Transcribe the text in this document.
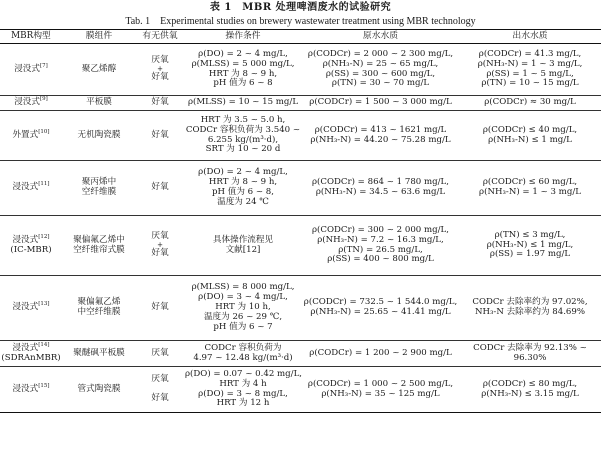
表 1　MBR 处理啤酒废水的试验研究
Tab. 1　Experimental studies on brewery wastewater treatment using MBR technology
MBR构型	膜组件	有无供氧	操作条件	原水水质	出水水质

浸没式[7]	聚乙烯醇	厌氧
+
好氧	ρ(DO) = 2 ~ 4 mg/L,
ρ(MLSS) = 5 000 mg/L,
HRT 为 8 ~ 9 h,
pH 值为 6 ~ 8	ρ(CODCr) = 2 000 ~ 2 300 mg/L,
ρ(NH₃-N) = 25 ~ 65 mg/L,
ρ(SS) = 300 ~ 600 mg/L,
ρ(TN) = 30 ~ 70 mg/L	ρ(CODCr) = 41.3 mg/L,
ρ(NH₃-N) = 1 ~ 3 mg/L,
ρ(SS) = 1 ~ 5 mg/L,
ρ(TN) = 10 ~ 15 mg/L

浸没式[9]	平板膜	好氧	ρ(MLSS) = 10 ~ 15 mg/L	ρ(CODCr) = 1 500 ~ 3 000 mg/L	ρ(CODCr) ≈ 30 mg/L

外置式[10]	无机陶瓷膜	好氧	HRT 为 3.5 ~ 5.0 h,
CODCr 容积负荷为 3.540 ~
6.255 kg/(m³·d),
SRT 为 10 ~ 20 d	ρ(CODCr) = 413 ~ 1621 mg/L
ρ(NH₃-N) = 44.20 ~ 75.28 mg/L	ρ(CODCr) ≤ 40 mg/L,
ρ(NH₃-N) ≤ 1 mg/L

浸没式[11]	聚丙烯中
空纤维膜	好氧	ρ(DO) = 2 ~ 4 mg/L,
HRT 为 8 ~ 9 h,
pH 值为 6 ~ 8,
温度为 24 ℃	ρ(CODCr) = 864 ~ 1 780 mg/L,
ρ(NH₃-N) = 34.5 ~ 63.6 mg/L	ρ(CODCr) ≤ 60 mg/L,
ρ(NH₃-N) = 1 ~ 3 mg/L

浸没式[12]
(IC-MBR)	聚偏氟乙烯中
空纤维帘式膜	厌氧
+
好氧	具体操作流程见
文献[12]	ρ(CODCr) = 300 ~ 2 000 mg/L,
ρ(NH₃-N) = 7.2 ~ 16.3 mg/L,
ρ(TN) = 26.5 mg/L,
ρ(SS) = 400 ~ 800 mg/L	ρ(TN) ≤ 3 mg/L,
ρ(NH₃-N) ≤ 1 mg/L,
ρ(SS) = 1.97 mg/L

浸没式[13]	聚偏氟乙烯
中空纤维膜	好氧	ρ(MLSS) = 8 000 mg/L,
ρ(DO) = 3 ~ 4 mg/L,
HRT 为 10 h,
温度为 26 ~ 29 ℃,
pH 值为 6 ~ 7	ρ(CODCr) = 732.5 ~ 1 544.0 mg/L,
ρ(NH₃-N) = 25.65 ~ 41.41 mg/L	CODCr 去除率约为 97.02%,
NH₃-N 去除率约为 84.69%

浸没式[14]
(SDRAnMBR)	聚醚砜平板膜	厌氧	CODCr 容积负荷为
4.97 ~ 12.48 kg/(m³·d)	ρ(CODCr) = 1 200 ~ 2 900 mg/L	CODCr 去除率为 92.13% ~
96.30%

浸没式[15]	管式陶瓷膜	厌氧
好氧	ρ(DO) = 0.07 ~ 0.42 mg/L,
HRT 为 4 h
ρ(DO) = 3 ~ 8 mg/L,
HRT 为 12 h	ρ(CODCr) = 1 000 ~ 2 500 mg/L,
ρ(NH₃-N) = 35 ~ 125 mg/L	ρ(CODCr) ≤ 80 mg/L,
ρ(NH₃-N) ≤ 3.15 mg/L
